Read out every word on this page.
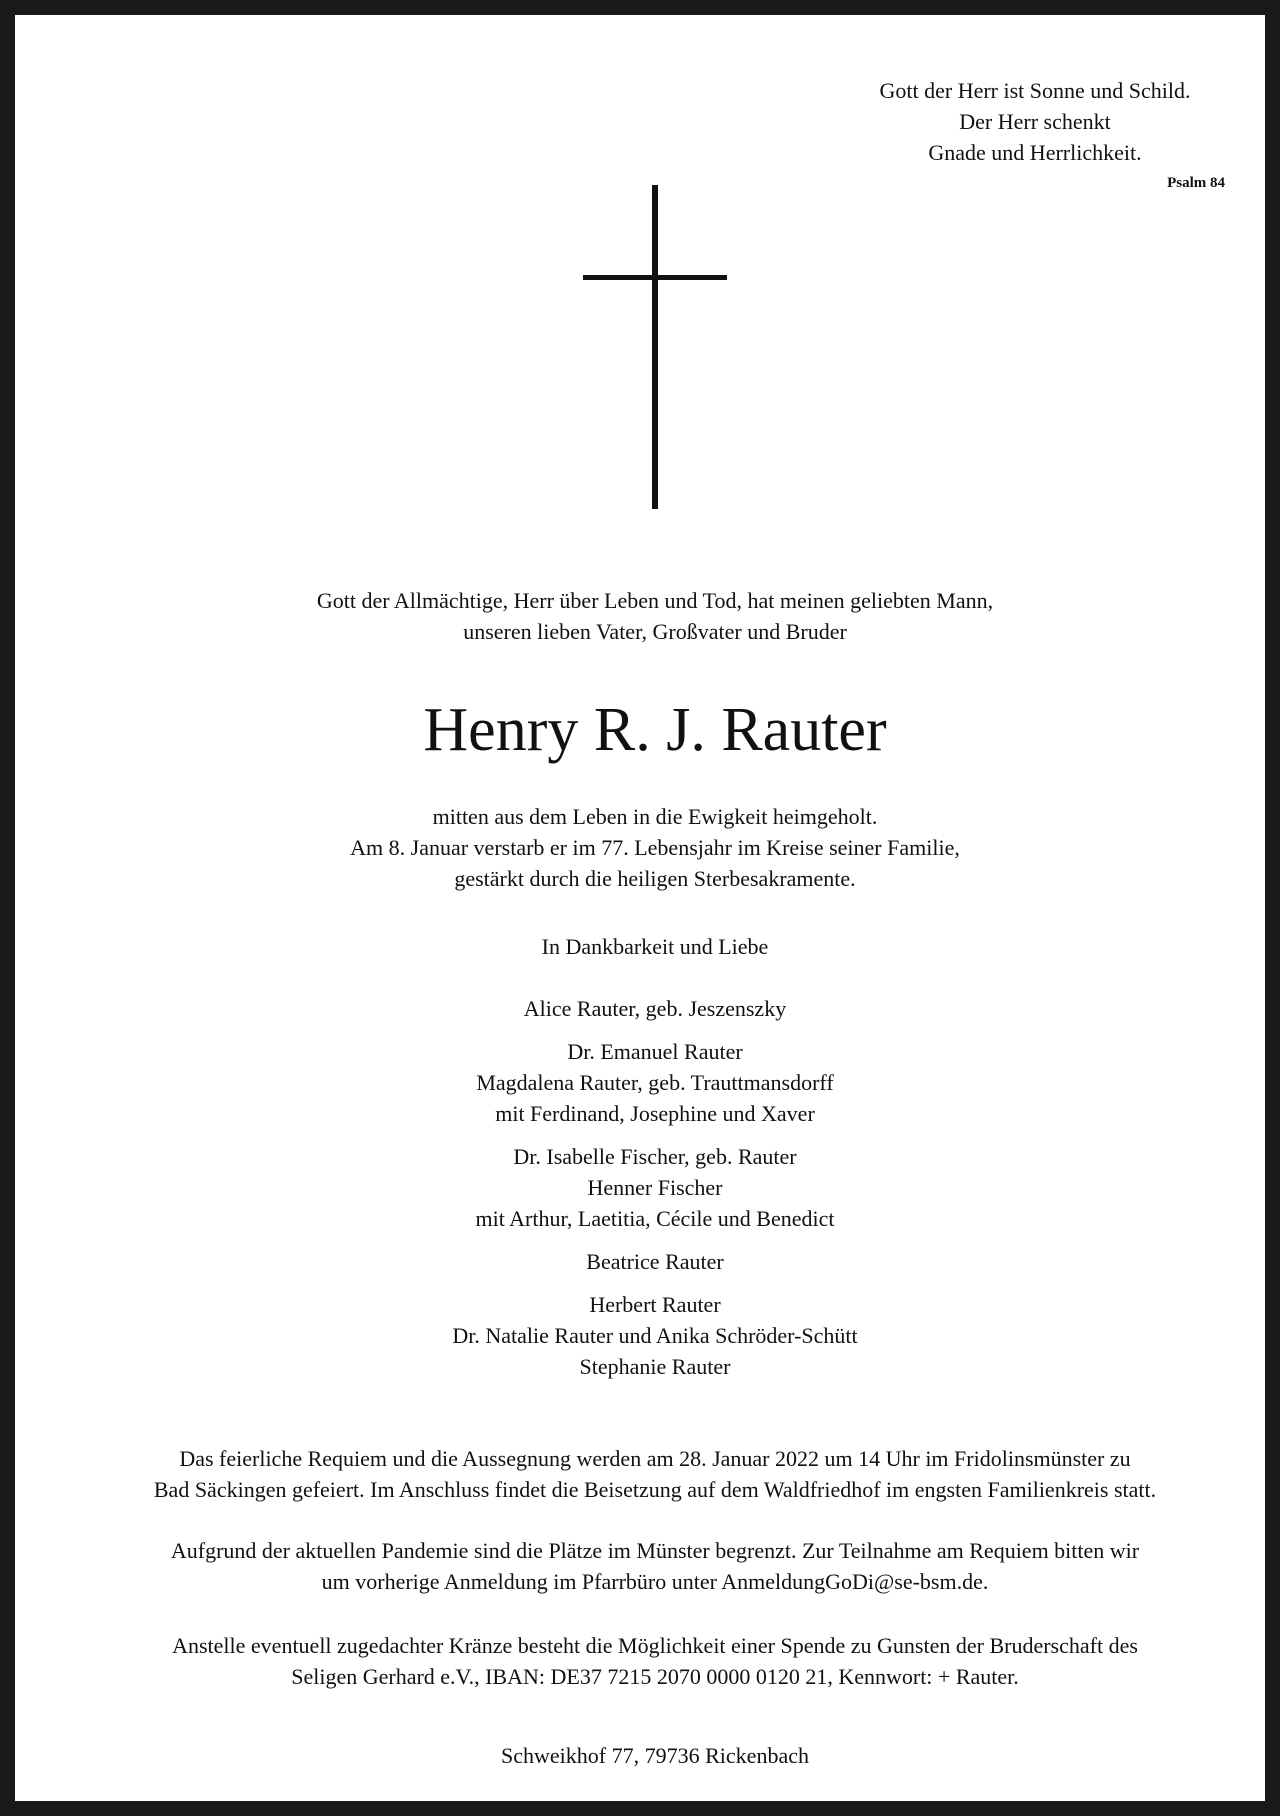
Gott der Herr ist Sonne und Schild.
Der Herr schenkt
Gnade und Herrlichkeit.
Psalm 84
Gott der Allmächtige, Herr über Leben und Tod, hat meinen geliebten Mann,
unseren lieben Vater, Großvater und Bruder
Henry R. J. Rauter
mitten aus dem Leben in die Ewigkeit heimgeholt.
Am 8. Januar verstarb er im 77. Lebensjahr im Kreise seiner Familie,
gestärkt durch die heiligen Sterbesakramente.
In Dankbarkeit und Liebe
Alice Rauter, geb. Jeszenszky
Dr. Emanuel Rauter
Magdalena Rauter, geb. Trauttmansdorff
mit Ferdinand, Josephine und Xaver
Dr. Isabelle Fischer, geb. Rauter
Henner Fischer
mit Arthur, Laetitia, Cécile und Benedict
Beatrice Rauter
Herbert Rauter
Dr. Natalie Rauter und Anika Schröder-Schütt
Stephanie Rauter
Das feierliche Requiem und die Aussegnung werden am 28. Januar 2022 um 14 Uhr im Fridolinsmünster zu
Bad Säckingen gefeiert. Im Anschluss findet die Beisetzung auf dem Waldfriedhof im engsten Familienkreis statt.
Aufgrund der aktuellen Pandemie sind die Plätze im Münster begrenzt. Zur Teilnahme am Requiem bitten wir
um vorherige Anmeldung im Pfarrbüro unter AnmeldungGoDi@se-bsm.de.
Anstelle eventuell zugedachter Kränze besteht die Möglichkeit einer Spende zu Gunsten der Bruderschaft des
Seligen Gerhard e.V., IBAN: DE37 7215 2070 0000 0120 21, Kennwort: + Rauter.
Schweikhof 77, 79736 Rickenbach
